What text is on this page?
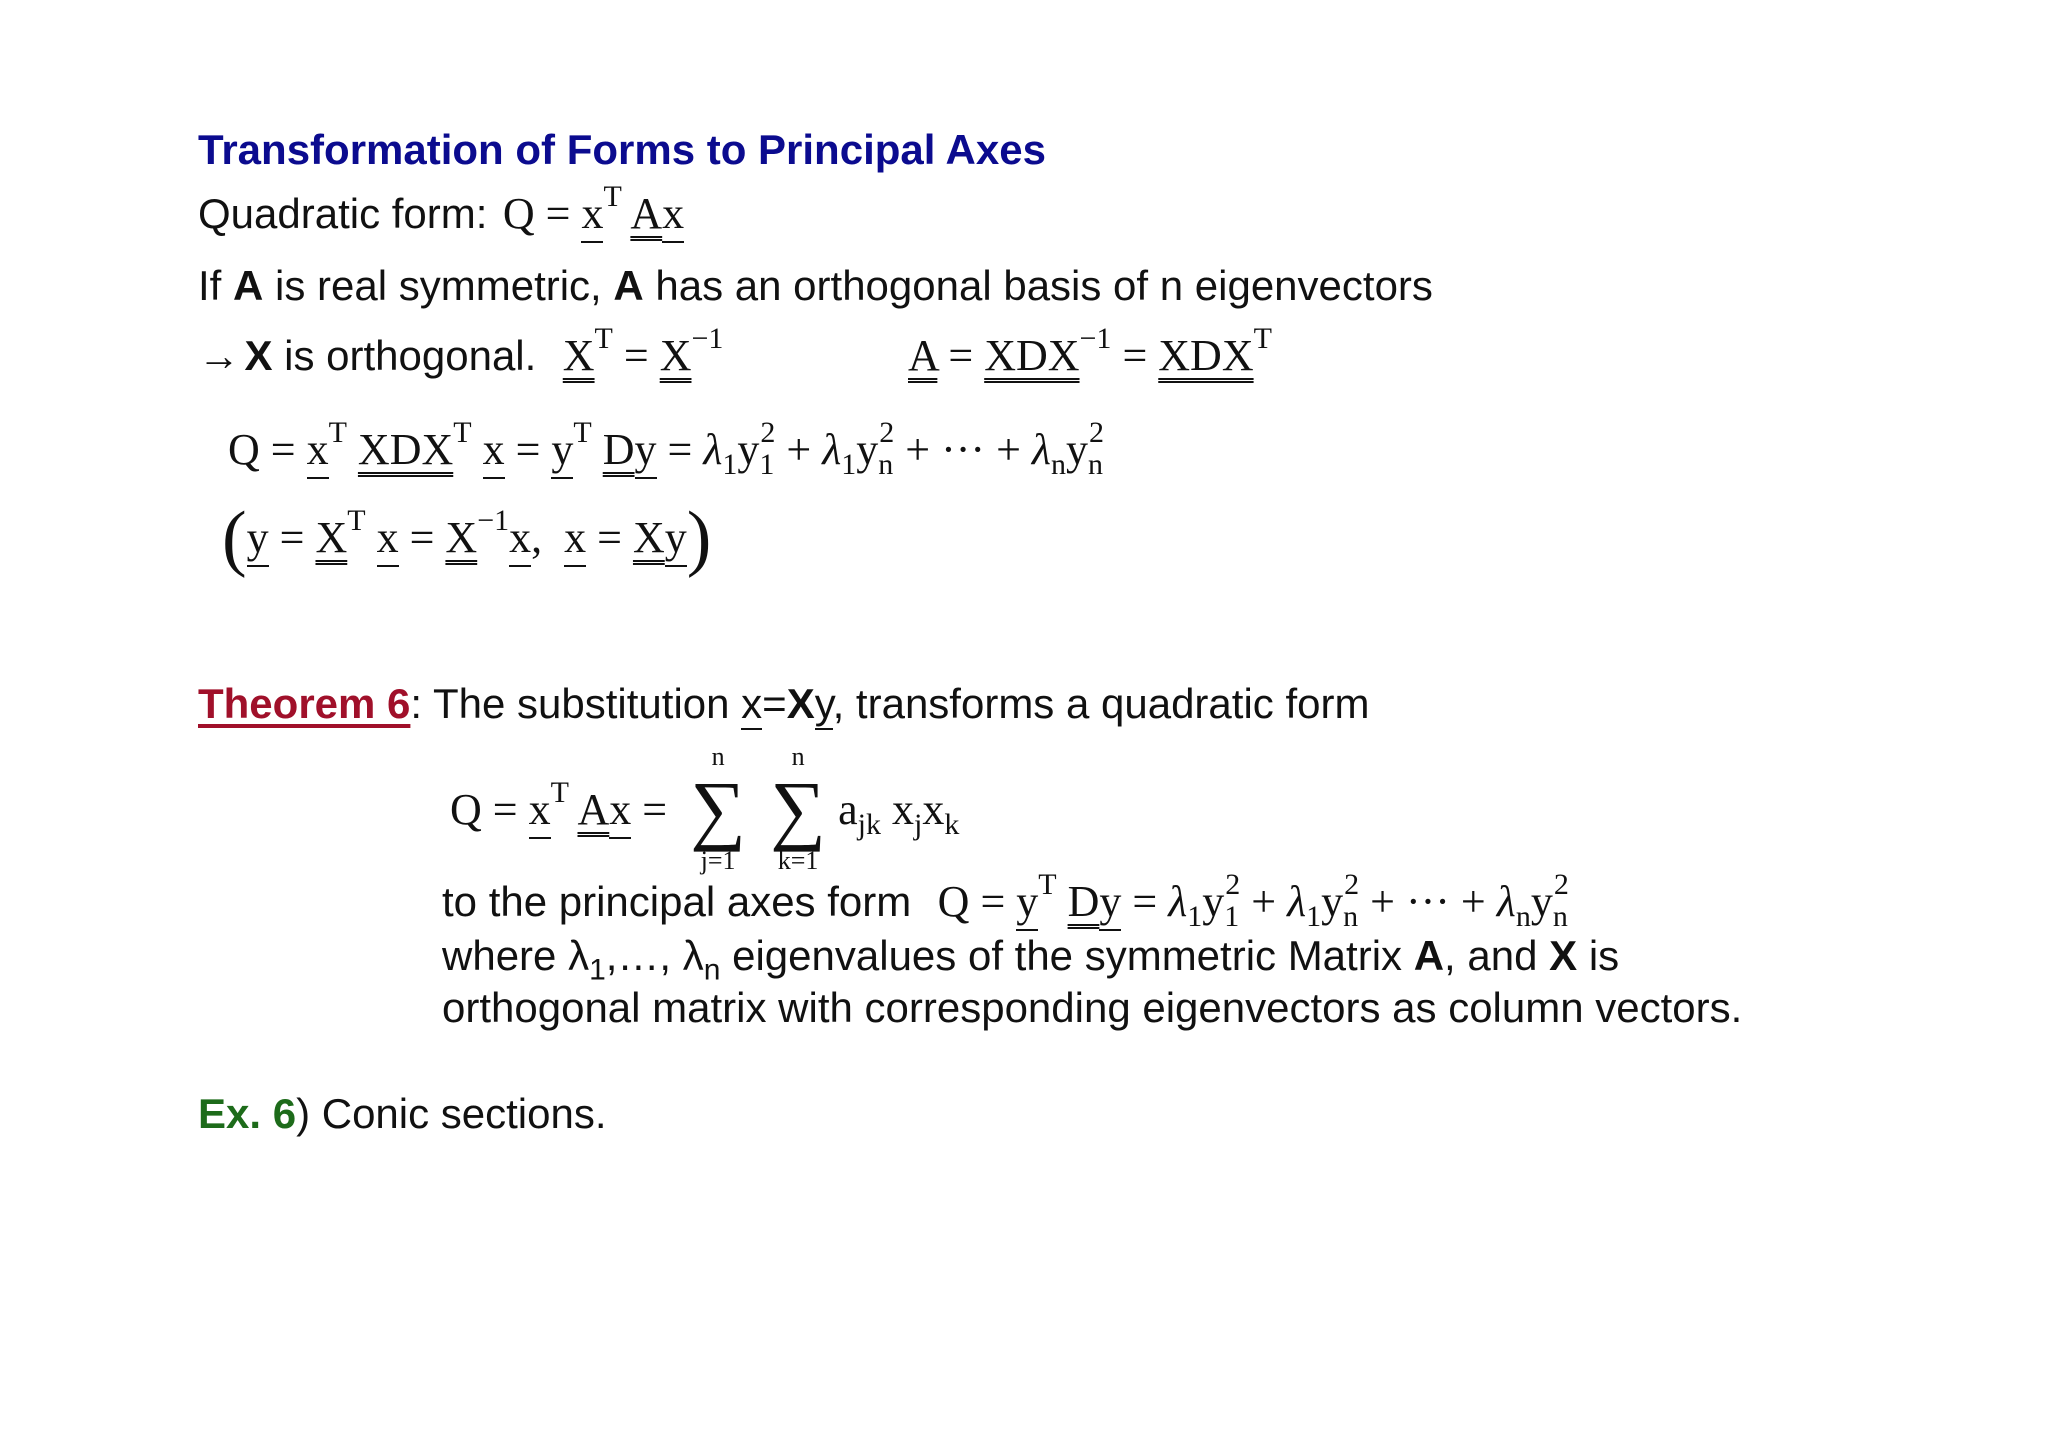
Transformation of Forms to Principal Axes
Quadratic form:  $Q = x^T$ Ax
If A is real symmetric, A has an orthogonal basis of n eigenvectors
→ X is orthogonal. $X^T = X^{-1}$	$A = XDX^{-1} = XDX^T$
$Q = x^T$ $XDX^T$ $x = y^T$ $Dy = \lambda_1y_1^2 + \lambda_1y_n^2$ + ··· + $\lambda_ny_n^2$
($y = X^T$ $x = X^{-1}x$,  x = Xy)
Theorem 6: The substitution x=Xy, transforms a quadratic form
$Q = x^T$ Ax =
n
∑
j=1
n
∑
k=1
$a_{jk}$ $x_jx_k$
to the principal axes form   $Q = y^T$ $Dy = \lambda_1y_1^2 + \lambda_1y_n^2$ + ··· + $\lambda_ny_n^2$
where $\lambda_1,\dots$, $\lambda_n$ eigenvalues of the symmetric Matrix A, and X is
orthogonal matrix with corresponding eigenvectors as column vectors.
Ex. 6) Conic sections.
